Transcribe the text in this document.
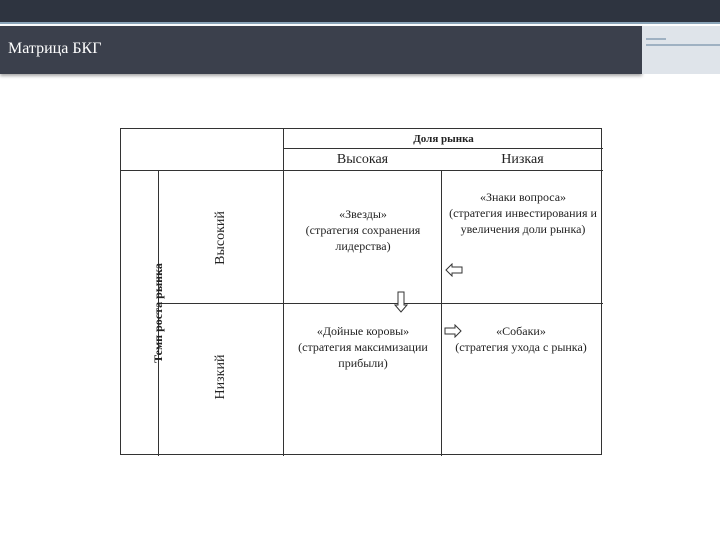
Матрица БКГ
Доля рынка
Высокая	Низкая
Темп роста рынка
Высокий
Низкий
«Звезды»
(стратегия сохранения лидерства)
«Знаки вопроса»
(стратегия инвестирования и увеличения доли рынка)
«Дойные коровы»
(стратегия максимизации прибыли)
«Собаки»
(стратегия ухода с рынка)
